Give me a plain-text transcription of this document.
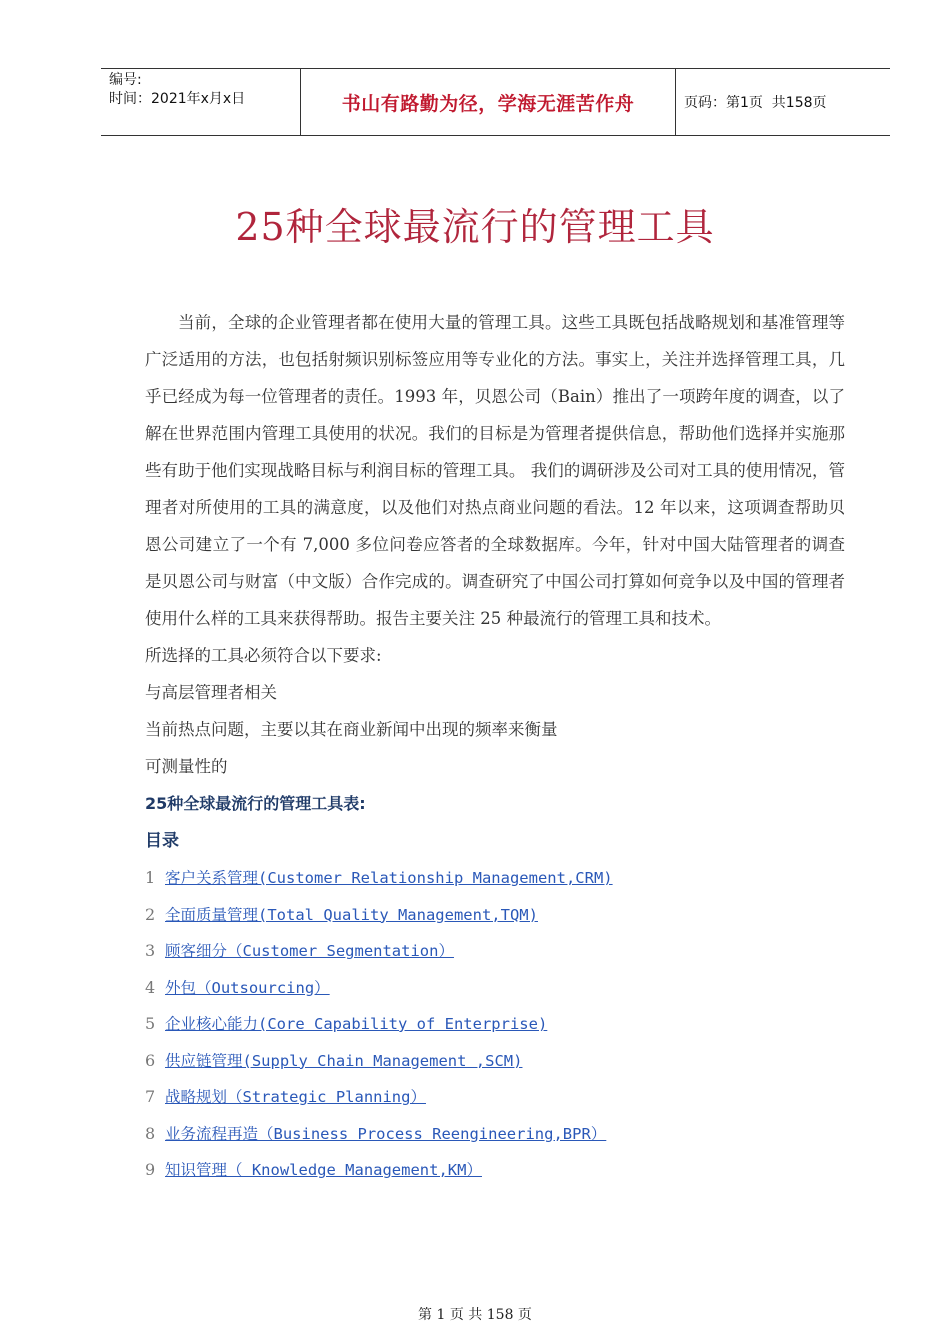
编号:
时间：2021年x月x日	书山有路勤为径，学海无涯苦作舟	页码：第1页  共158页
25种全球最流行的管理工具

当前，全球的企业管理者都在使用大量的管理工具。这些工具既包括战略规划和基准管理等广泛适用的方法，也包括射频识别标签应用等专业化的方法。事实上，关注并选择管理工具，几乎已经成为每一位管理者的责任。1993 年，贝恩公司（Bain）推出了一项跨年度的调查，以了解在世界范围内管理工具使用的状况。我们的目标是为管理者提供信息，帮助他们选择并实施那些有助于他们实现战略目标与利润目标的管理工具。 我们的调研涉及公司对工具的使用情况，管理者对所使用的工具的满意度，以及他们对热点商业问题的看法。12 年以来，这项调查帮助贝恩公司建立了一个有 7,000 多位问卷应答者的全球数据库。今年，针对中国大陆管理者的调查是贝恩公司与财富（中文版）合作完成的。调查研究了中国公司打算如何竞争以及中国的管理者使用什么样的工具来获得帮助。报告主要关注 25 种最流行的管理工具和技术。

所选择的工具必须符合以下要求:

与高层管理者相关

当前热点问题，主要以其在商业新闻中出现的频率来衡量

可测量性的

25种全球最流行的管理工具表:

目录

1 客户关系管理(Customer Relationship Management,CRM)
2 全面质量管理(Total Quality Management,TQM)
3 顾客细分（Customer Segmentation）
4 外包（Outsourcing）
5 企业核心能力(Core Capability of Enterprise)
6 供应链管理(Supply Chain Management ,SCM)
7 战略规划（Strategic Planning）
8 业务流程再造（Business Process Reengineering,BPR）
9 知识管理（ Knowledge Management,KM）
第 1 页 共 158 页
